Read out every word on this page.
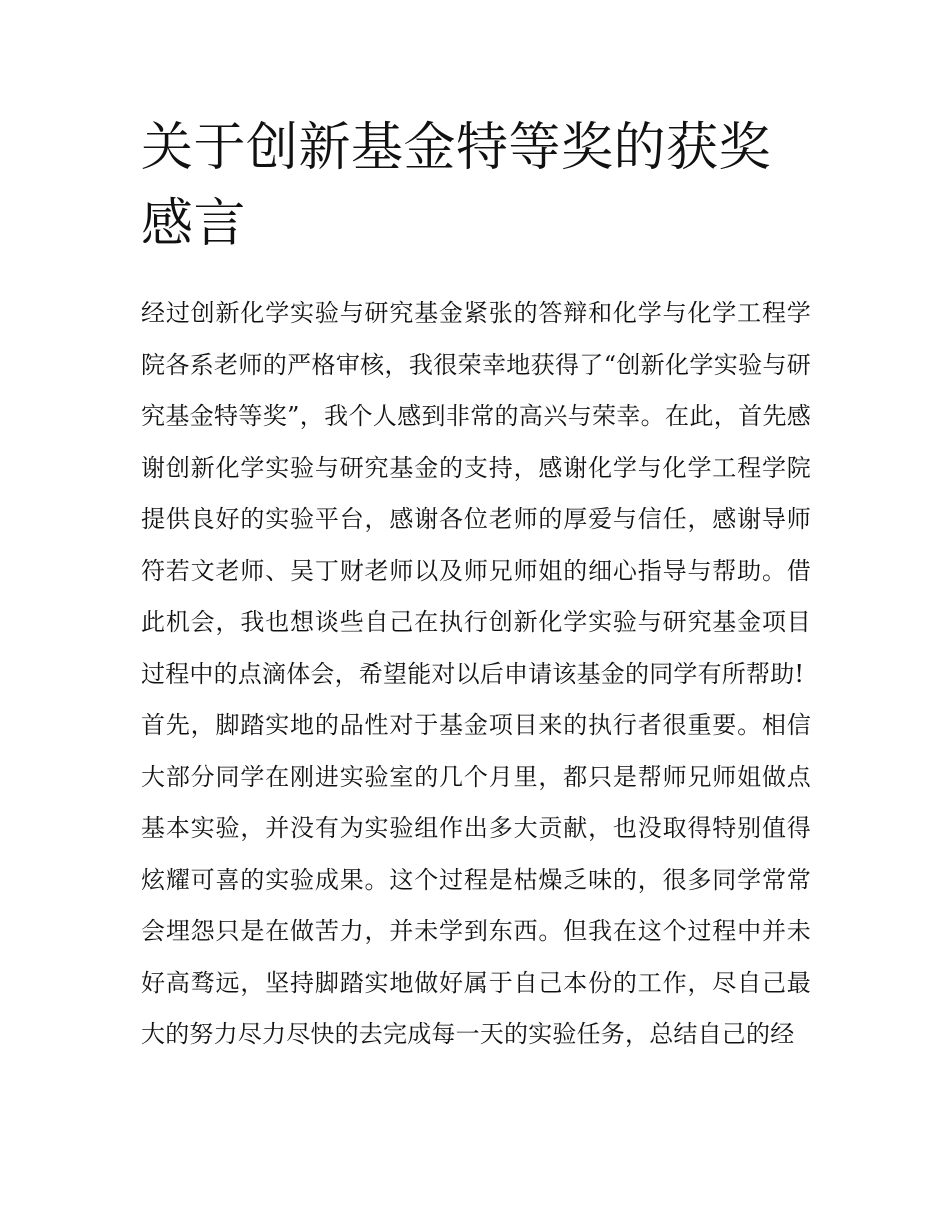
关于创新基金特等奖的获奖感言

经过创新化学实验与研究基金紧张的答辩和化学与化学工程学院各系老师的严格审核，我很荣幸地获得了“创新化学实验与研究基金特等奖”，我个人感到非常的高兴与荣幸。在此，首先感谢创新化学实验与研究基金的支持，感谢化学与化学工程学院提供良好的实验平台，感谢各位老师的厚爱与信任，感谢导师符若文老师、吴丁财老师以及师兄师姐的细心指导与帮助。借此机会，我也想谈些自己在执行创新化学实验与研究基金项目过程中的点滴体会，希望能对以后申请该基金的同学有所帮助!

首先，脚踏实地的品性对于基金项目来的执行者很重要。相信大部分同学在刚进实验室的几个月里，都只是帮师兄师姐做点基本实验，并没有为实验组作出多大贡献，也没取得特别值得炫耀可喜的实验成果。这个过程是枯燥乏味的，很多同学常常会埋怨只是在做苦力，并未学到东西。但我在这个过程中并未好高骛远，坚持脚踏实地做好属于自己本份的工作，尽自己最大的努力尽力尽快的去完成每一天的实验任务，总结自己的经
